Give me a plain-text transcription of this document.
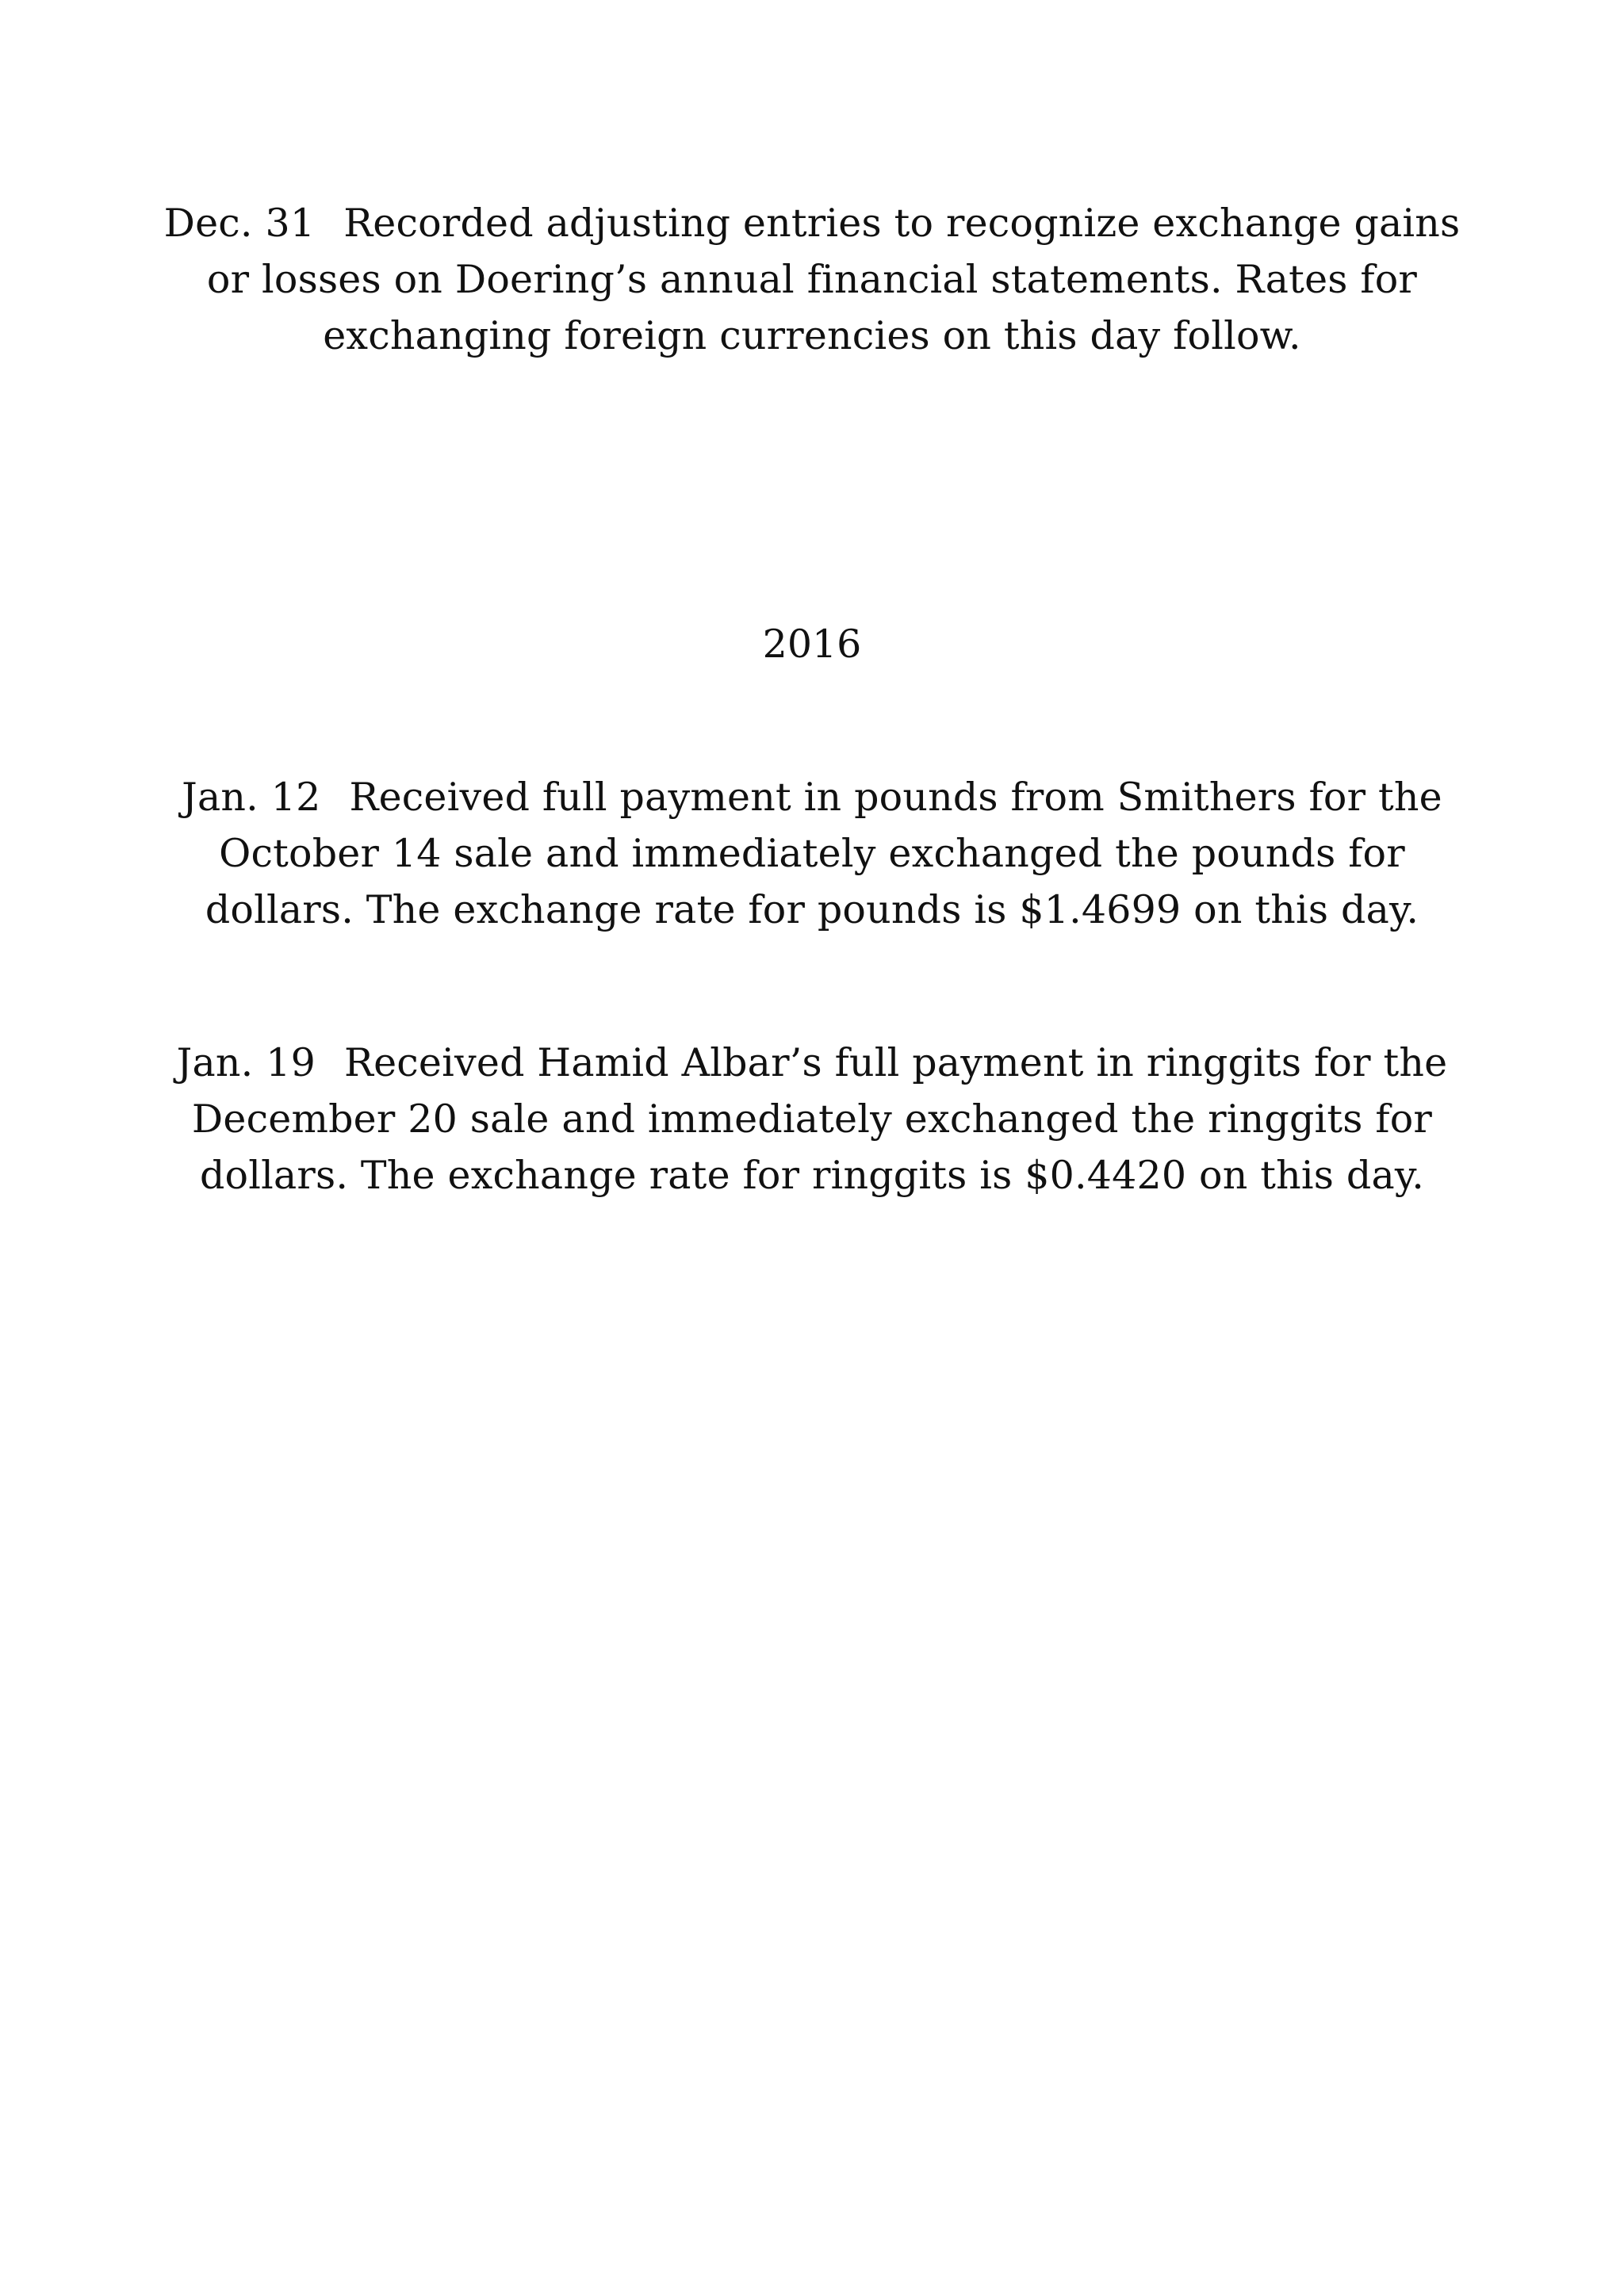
Dec. 31 Recorded adjusting entries to recognize exchange gains
or losses on Doering’s annual financial statements. Rates for
exchanging foreign currencies on this day follow.
2016
Jan. 12 Received full payment in pounds from Smithers for the
October 14 sale and immediately exchanged the pounds for
dollars. The exchange rate for pounds is $1.4699 on this day.
Jan. 19 Received Hamid Albar’s full payment in ringgits for the
December 20 sale and immediately exchanged the ringgits for
dollars. The exchange rate for ringgits is $0.4420 on this day.
